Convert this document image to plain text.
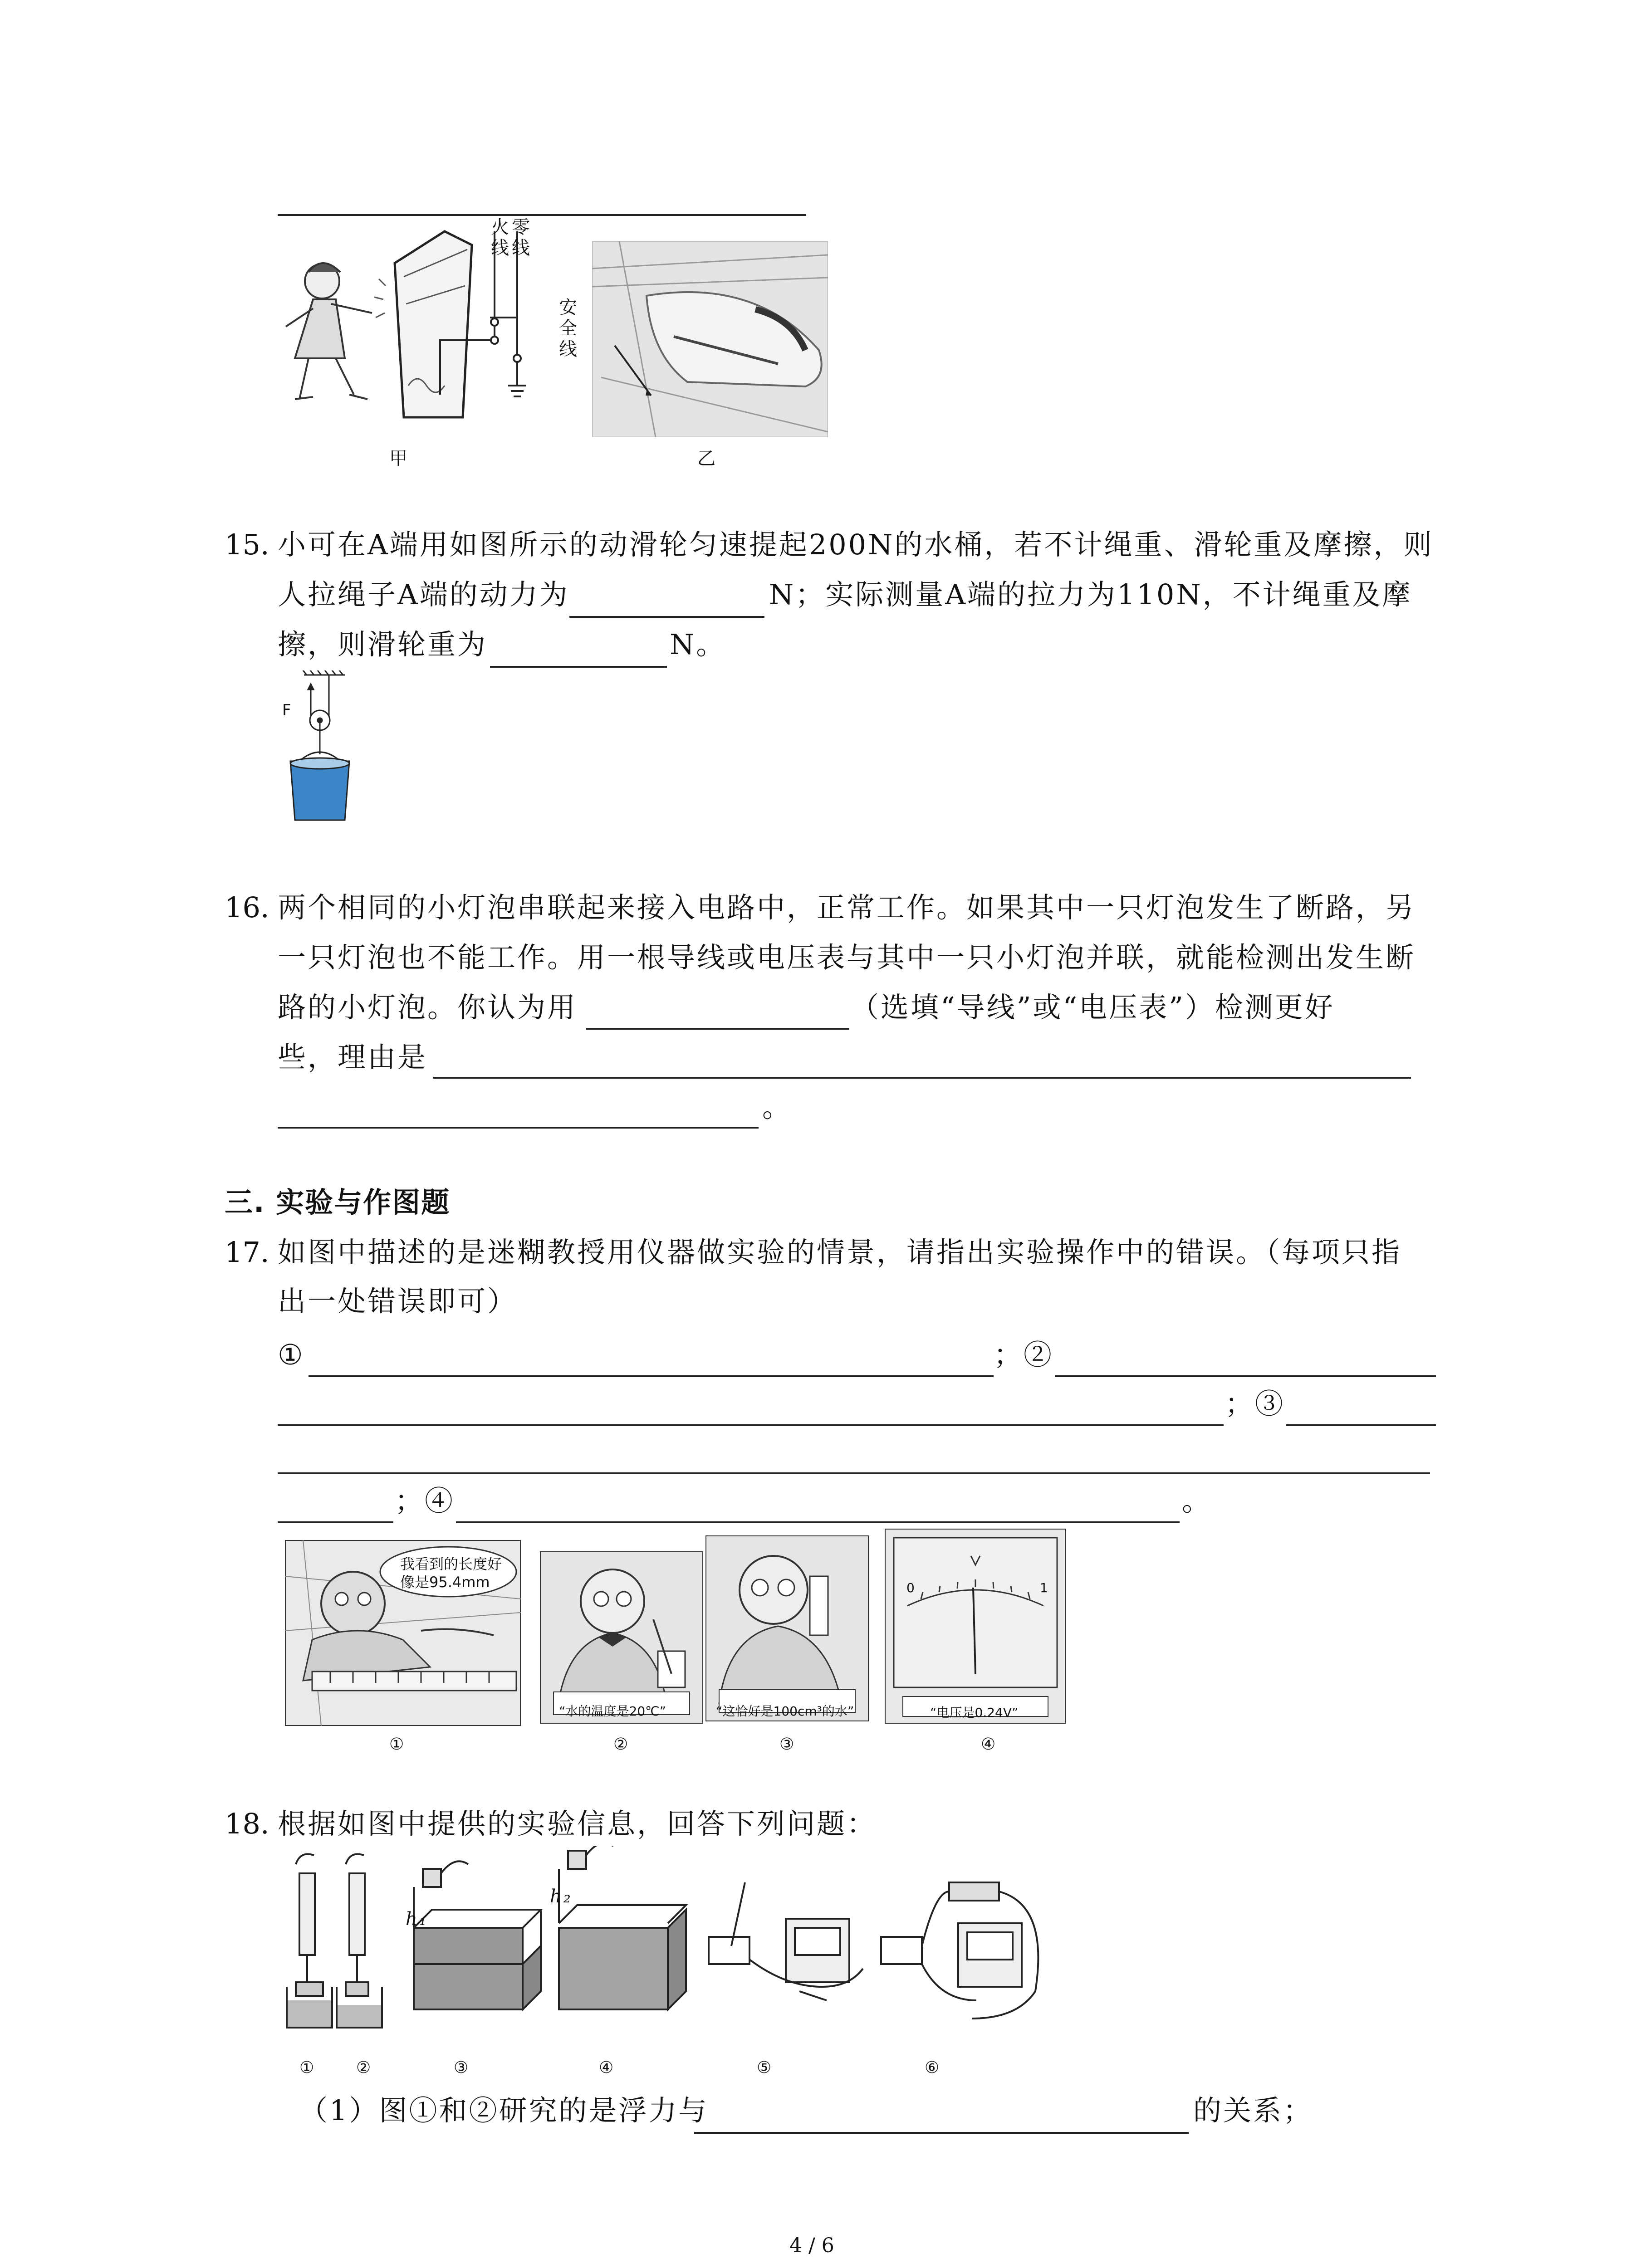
火
线
零
线
甲
安
全
线
乙
15. 小可在A端用如图所示的动滑轮匀速提起200N的水桶，若不计绳重、滑轮重及摩擦，则
人拉绳子A端的动力为	N；实际测量A端的拉力为110N，不计绳重及摩
擦，则滑轮重为	N。
F
16. 两个相同的小灯泡串联起来接入电路中，正常工作。如果其中一只灯泡发生了断路，另
一只灯泡也不能工作。用一根导线或电压表与其中一只小灯泡并联，就能检测出发生断
路的小灯泡。你认为用	（选填“导线”或“电压表”）检测更好
些，理由是
。
三. 实验与作图题
17. 如图中描述的是迷糊教授用仪器做实验的情景，请指出实验操作中的错误。（每项只指
出一处错误即可）
①	；②
；③
；④	。
我看到的长度好
像是95.4mm
“水的温度是20℃”	“这恰好是100cm³的水”
0	1
“电压是0.24V”
①	②	③	④
18. 根据如图中提供的实验信息，回答下列问题：
h₁
h₂
① ②	③	④	⑤	⑥
（1）图①和②研究的是浮力与	的关系；
4 / 6
